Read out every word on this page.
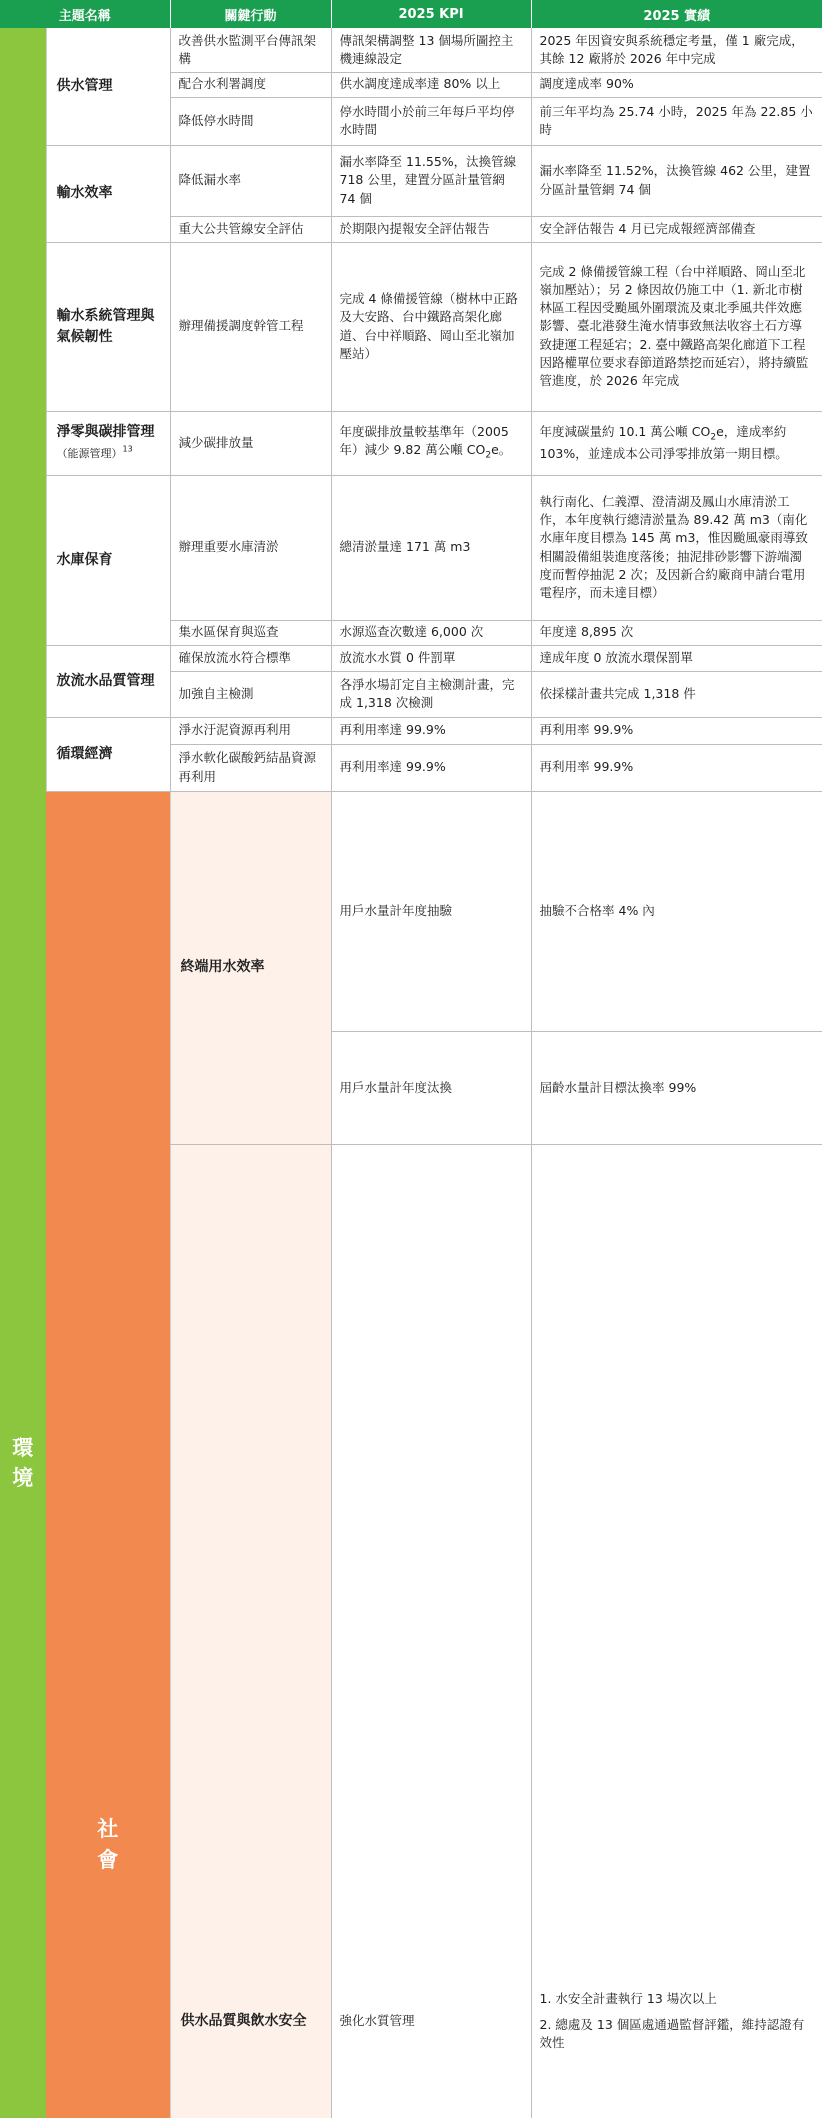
主題名稱		關鍵行動	2025 KPI	2025 實績	
環境	供水管理	改善供水監測平台傳訊架構	傳訊架構調整 13 個場所圖控主機連線設定	2025 年因資安與系統穩定考量，僅 1 廠完成，其餘 12 廠將於 2026 年中完成	
		配合水利署調度	供水調度達成率達 80% 以上	調度達成率 90%	
		降低停水時間	停水時間小於前三年每戶平均停水時間	前三年平均為 25.74 小時，2025 年為 22.85 小時	
	輸水效率	降低漏水率	漏水率降至 11.55%，汰換管線 718 公里，建置分區計量管網 74 個	漏水率降至 11.52%，汰換管線 462 公里，建置分區計量管網 74 個	
		重大公共管線安全評估	於期限內提報安全評估報告	安全評估報告 4 月已完成報經濟部備查	
	輸水系統管理與氣候韌性	辦理備援調度幹管工程	完成 4 條備援管線（樹林中正路及大安路、台中鐵路高架化廊道、台中祥順路、岡山至北嶺加壓站）	完成 2 條備援管線工程（台中祥順路、岡山至北嶺加壓站）；另 2 條因故仍施工中（1. 新北市樹林區工程因受颱風外圍環流及東北季風共伴效應影響、臺北港發生淹水情事致無法收容土石方導致捷運工程延宕；2. 臺中鐵路高架化廊道下工程因路權單位要求春節道路禁挖而延宕），將持續監管進度，於 2026 年完成	
	淨零與碳排管理（能源管理）$^{13}$	減少碳排放量	年度碳排放量較基準年（2005 年）減少 9.82 萬公噸 $CO_2e$。	年度減碳量約 10.1 萬公噸 $CO_2e$，達成率約 103%，並達成本公司淨零排放第一期目標。	
	水庫保育	辦理重要水庫清淤	總清淤量達 171 萬 m3	執行南化、仁義潭、澄清湖及鳳山水庫清淤工作，本年度執行總清淤量為 89.42 萬 m3（南化水庫年度目標為 145 萬 m3，惟因颱風豪雨導致相關設備組裝進度落後；抽泥排砂影響下游端濁度而暫停抽泥 2 次；及因新合約廠商申請台電用電程序，而未達目標）	
		集水區保育與巡查	水源巡查次數達 6,000 次	年度達 8,895 次	
	放流水品質管理	確保放流水符合標準	放流水水質 0 件罰單	達成年度 0 放流水環保罰單	
		加強自主檢測	各淨水場訂定自主檢測計畫，完成 1,318 次檢測	依採樣計畫共完成 1,318 件	
	循環經濟	淨水汙泥資源再利用	再利用率達 99.9%	再利用率 99.9%	
		淨水軟化碳酸鈣結晶資源再利用	再利用率達 99.9%	再利用率 99.9%	
	社會	終端用水效率	用戶水量計年度抽驗	抽驗不合格率 4% 內	
			用戶水量計年度汰換	屆齡水量計目標汰換率 99%	
		供水品質與飲水安全	強化水質管理	1. 水安全計畫執行 13 場次以上
2. 總處及 13 個區處通過監督評鑑，維持認證有效性
